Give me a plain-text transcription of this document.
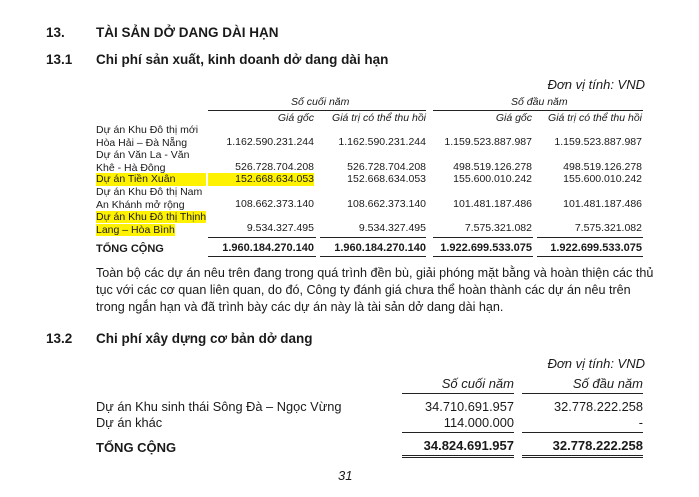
13. TÀI SẢN DỞ DANG DÀI HẠN
13.1 Chi phí sản xuất, kinh doanh dở dang dài hạn
Đơn vị tính: VND
Số cuối năm	Số đầu năm
Giá gốc Giá trị có thể thu hồi	Giá gốc Giá trị có thể thu hồi
Dự án Khu Đô thị mới
Hòa Hải – Đà Nẵng	1.162.590.231.244 1.162.590.231.244 1.159.523.887.987 1.159.523.887.987
Dự án Văn La - Văn
Khê - Hà Đông	526.728.704.208	526.728.704.208	498.519.126.278	498.519.126.278
Dự án Tiền Xuân	152.668.634.053	152.668.634.053	155.600.010.242	155.600.010.242
Dự án Khu Đô thị Nam
An Khánh mở rộng	108.662.373.140	108.662.373.140	101.481.187.486	101.481.187.486
Dự án Khu Đô thị Thịnh
Lang – Hòa Bình	9.534.327.495	9.534.327.495	7.575.321.082	7.575.321.082
TỔNG CỘNG	1.960.184.270.140 1.960.184.270.140 1.922.699.533.075 1.922.699.533.075
Toàn bộ các dự án nêu trên đang trong quá trình đền bù, giải phóng mặt bằng và hoàn thiện các thủ tục với các cơ quan liên quan, do đó, Công ty đánh giá chưa thể hoàn thành các dự án nêu trên trong ngắn hạn và đã trình bày các dự án này là tài sản dở dang dài hạn.
13.2 Chi phí xây dựng cơ bản dở dang
Đơn vị tính: VND
Số cuối năm	Số đầu năm
Dự án Khu sinh thái Sông Đà – Ngọc Vừng	34.710.691.957	32.778.222.258
Dự án khác	114.000.000	-
TỔNG CỘNG	34.824.691.957	32.778.222.258
31
